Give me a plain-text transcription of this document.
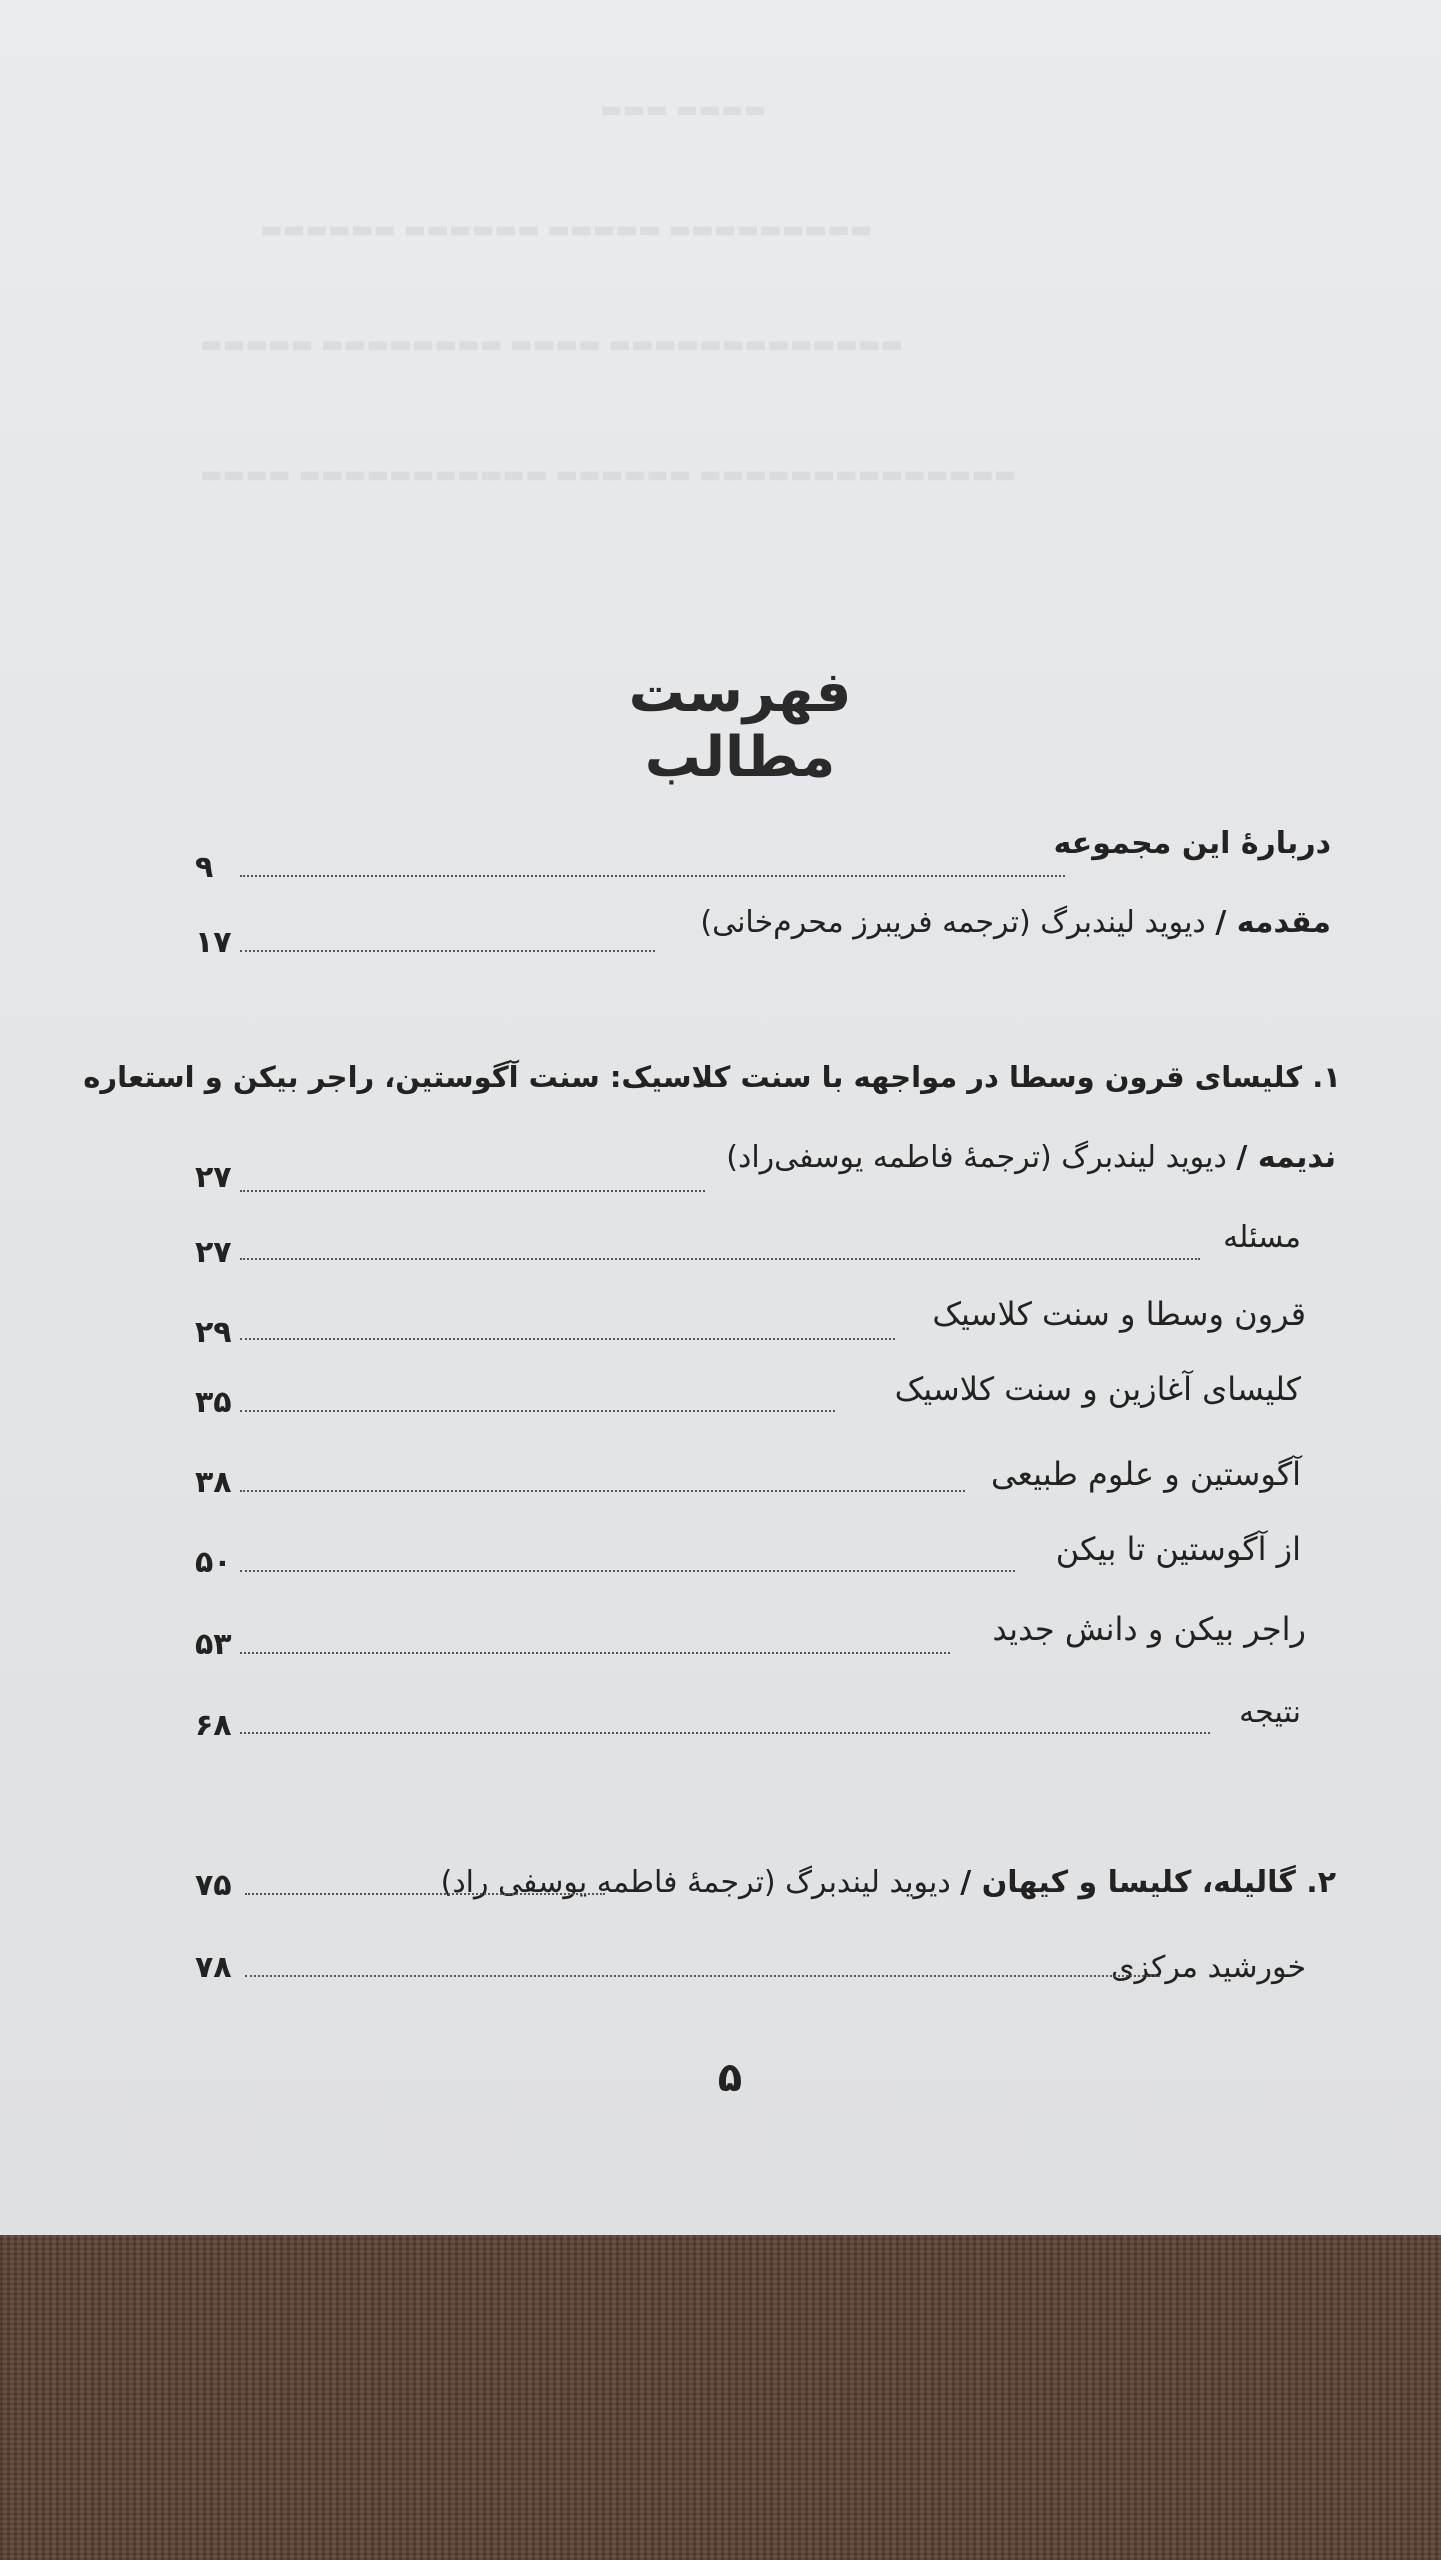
▬▬▬ ▬▬▬▬
▬▬▬▬▬▬ ▬▬▬▬▬▬ ▬▬▬▬▬ ▬▬▬▬▬▬▬▬▬
▬▬▬▬▬ ▬▬▬▬▬▬▬▬ ▬▬▬▬ ▬▬▬▬▬▬▬▬▬▬▬▬▬
▬▬▬▬ ▬▬▬▬▬▬▬▬▬▬▬ ▬▬▬▬▬▬ ▬▬▬▬▬▬▬▬▬▬▬▬▬▬
فهرست مطالب
دربارهٔ این مجموعه
۹
مقدمه / دیوید لیندبرگ (ترجمه فریبرز محرم‌خانی)
۱۷
۱. کلیسای قرون وسطا در مواجهه با سنت کلاسیک: سنت آگوستین، راجر بیکن و استعاره
ندیمه / دیوید لیندبرگ (ترجمهٔ فاطمه یوسفی‌راد)
۲۷
مسئله
۲۷
قرون وسطا و سنت کلاسیک
۲۹
کلیسای آغازین و سنت کلاسیک
۳۵
آگوستین و علوم طبیعی
۳۸
از آگوستین تا بیکن
۵۰
راجر بیکن و دانش جدید
۵۳
نتیجه
۶۸
۲. گالیله، کلیسا و کیهان / دیوید لیندبرگ (ترجمهٔ فاطمه یوسفی راد)
۷۵
خورشید مرکزی
۷۸
۵
